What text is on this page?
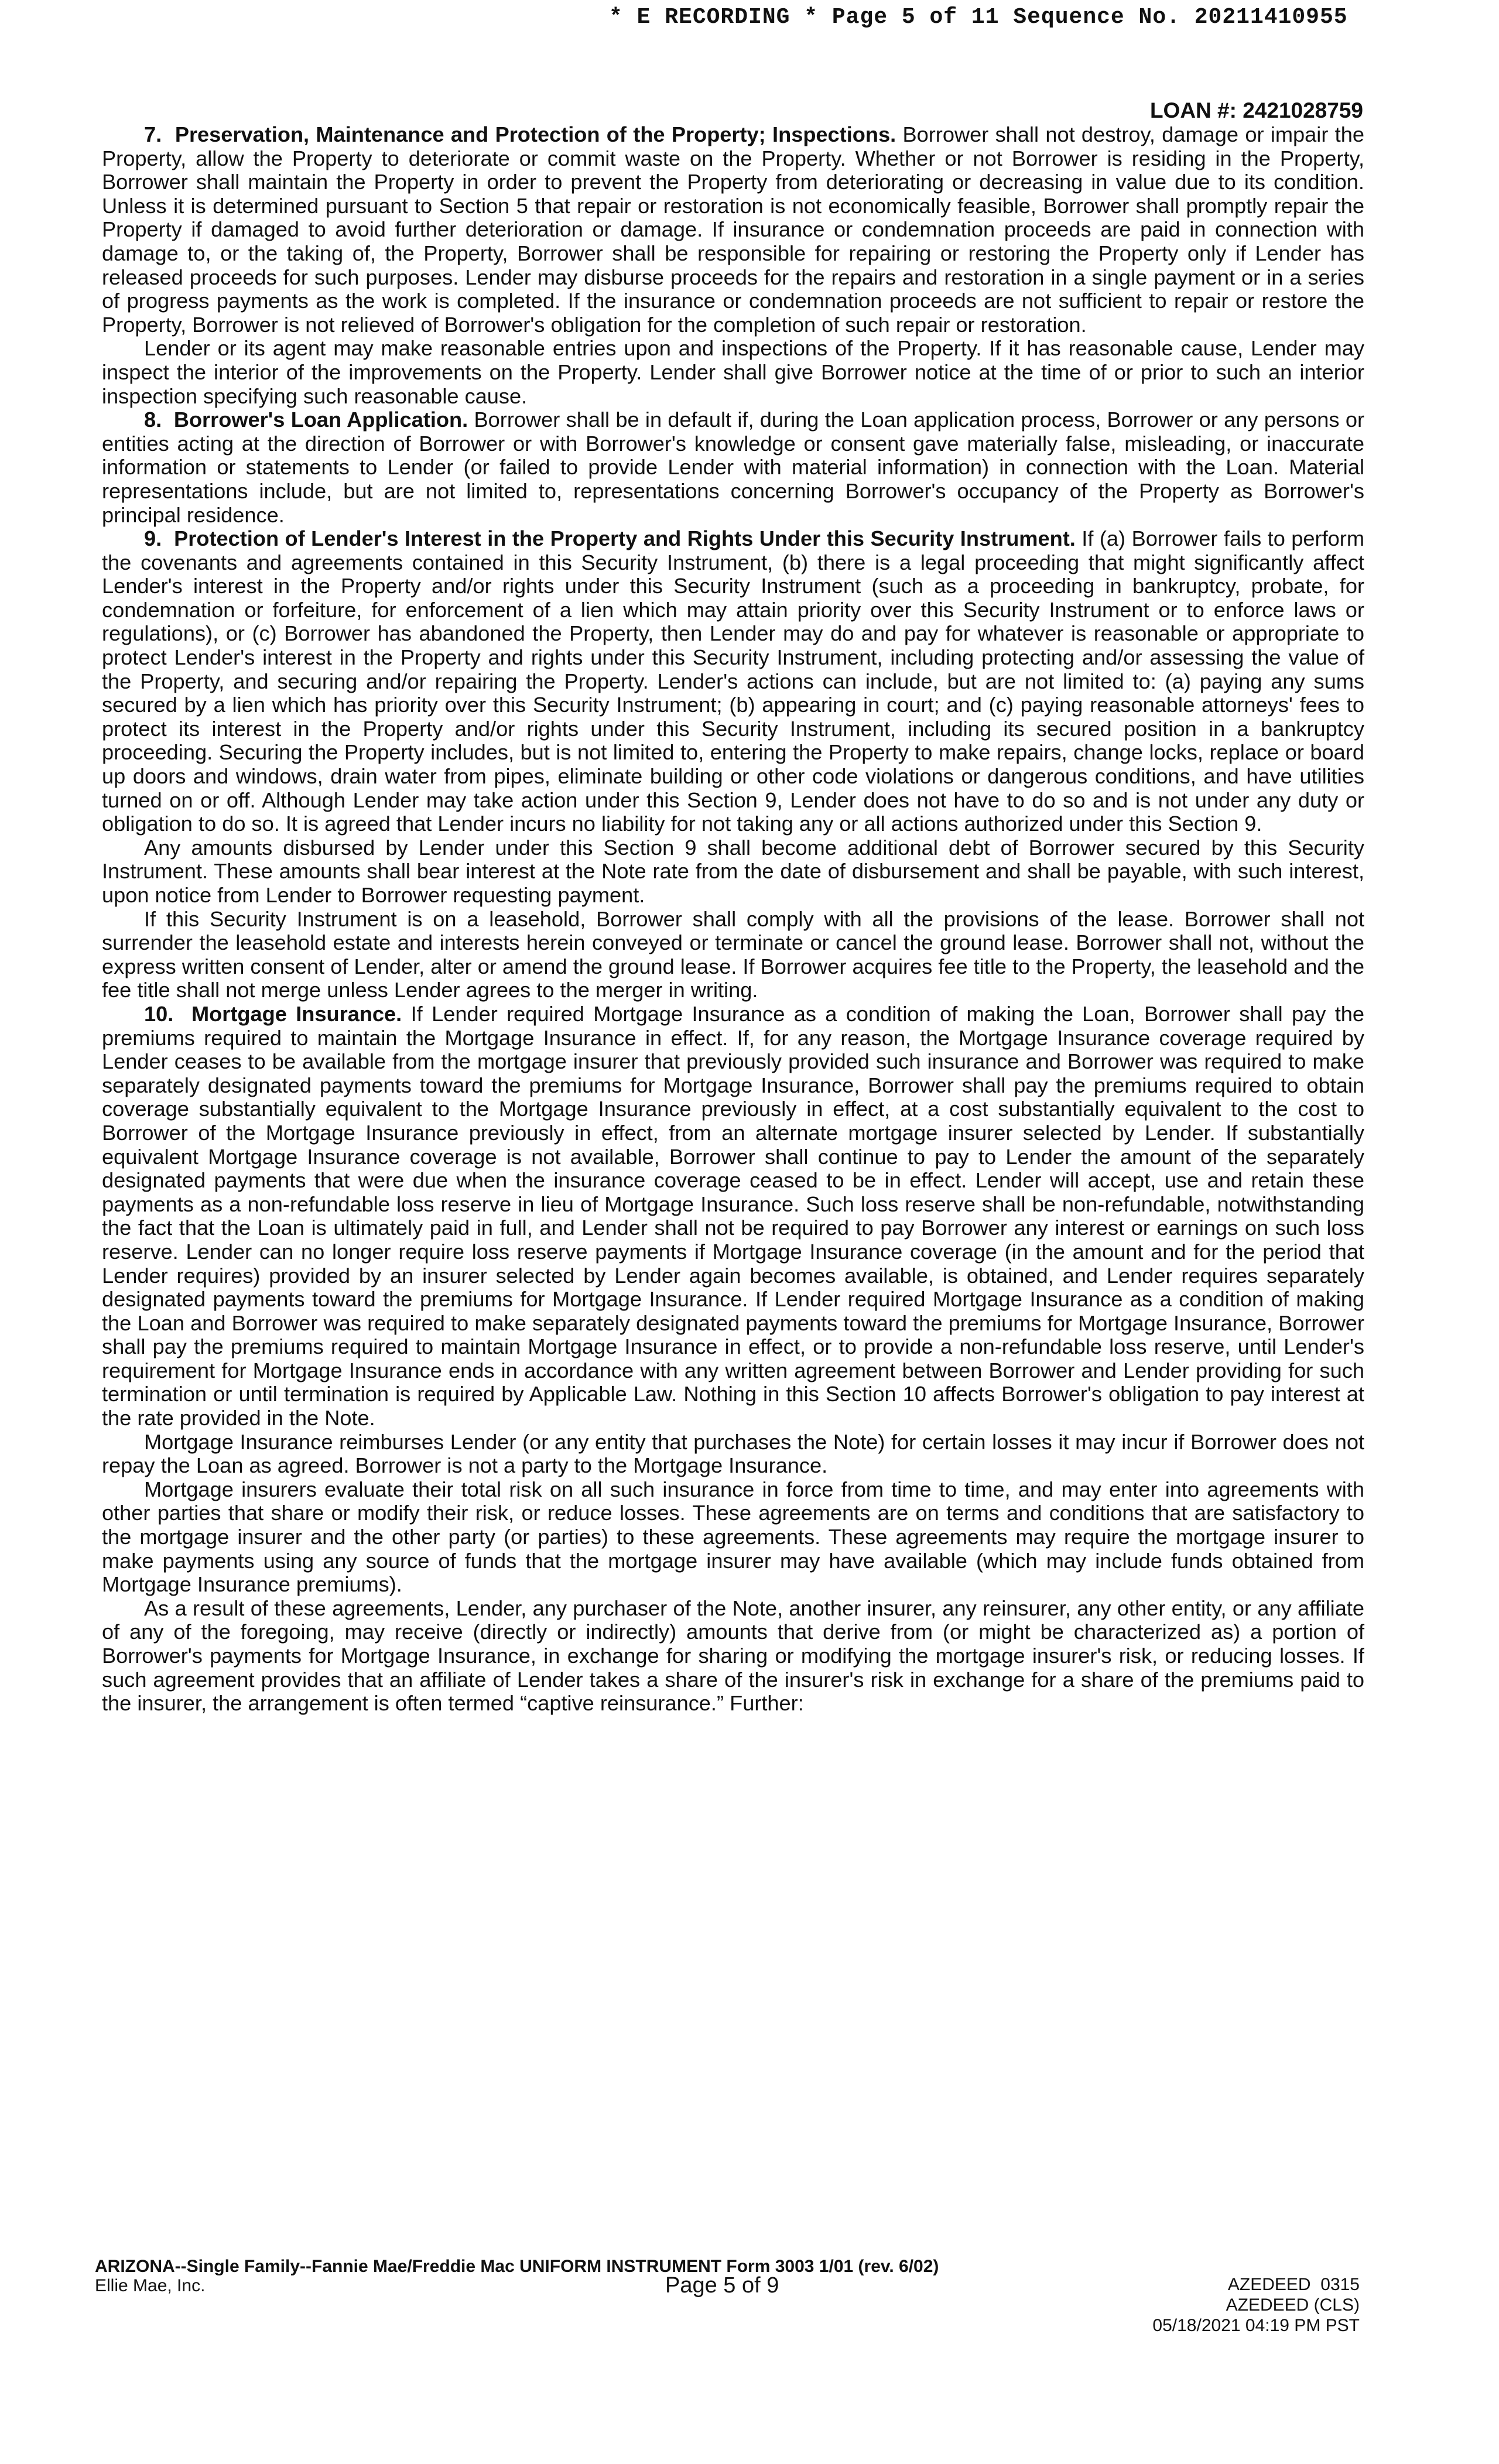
* E RECORDING * Page 5 of 11 Sequence No. 20211410955
LOAN #: 2421028759

7. Preservation, Maintenance and Protection of the Property; Inspections. Borrower shall not destroy, damage or impair the Property, allow the Property to deteriorate or commit waste on the Property. Whether or not Borrower is residing in the Property, Borrower shall maintain the Property in order to prevent the Property from deteriorating or decreasing in value due to its condition. Unless it is determined pursuant to Section 5 that repair or restoration is not economically feasible, Borrower shall promptly repair the Property if damaged to avoid further deterioration or damage. If insurance or condemnation proceeds are paid in connection with damage to, or the taking of, the Property, Borrower shall be responsible for repairing or restoring the Property only if Lender has released proceeds for such purposes. Lender may disburse proceeds for the repairs and restoration in a single payment or in a series of progress payments as the work is completed. If the insurance or condemnation proceeds are not sufficient to repair or restore the Property, Borrower is not relieved of Borrower's obligation for the completion of such repair or restoration.

Lender or its agent may make reasonable entries upon and inspections of the Property. If it has reasonable cause, Lender may inspect the interior of the improvements on the Property. Lender shall give Borrower notice at the time of or prior to such an interior inspection specifying such reasonable cause.

8. Borrower's Loan Application. Borrower shall be in default if, during the Loan application process, Borrower or any persons or entities acting at the direction of Borrower or with Borrower's knowledge or consent gave materially false, misleading, or inaccurate information or statements to Lender (or failed to provide Lender with material information) in connection with the Loan. Material representations include, but are not limited to, representations concerning Borrower's occupancy of the Property as Borrower's principal residence.

9. Protection of Lender's Interest in the Property and Rights Under this Security Instrument. If (a) Borrower fails to perform the covenants and agreements contained in this Security Instrument, (b) there is a legal proceeding that might significantly affect Lender's interest in the Property and/or rights under this Security Instrument (such as a proceeding in bankruptcy, probate, for condemnation or forfeiture, for enforcement of a lien which may attain priority over this Security Instrument or to enforce laws or regulations), or (c) Borrower has abandoned the Property, then Lender may do and pay for whatever is reasonable or appropriate to protect Lender's interest in the Property and rights under this Security Instrument, including protecting and/or assessing the value of the Property, and securing and/or repairing the Property. Lender's actions can include, but are not limited to: (a) paying any sums secured by a lien which has priority over this Security Instrument; (b) appearing in court; and (c) paying reasonable attorneys' fees to protect its interest in the Property and/or rights under this Security Instrument, including its secured position in a bankruptcy proceeding. Securing the Property includes, but is not limited to, entering the Property to make repairs, change locks, replace or board up doors and windows, drain water from pipes, eliminate building or other code violations or dangerous conditions, and have utilities turned on or off. Although Lender may take action under this Section 9, Lender does not have to do so and is not under any duty or obligation to do so. It is agreed that Lender incurs no liability for not taking any or all actions authorized under this Section 9.

Any amounts disbursed by Lender under this Section 9 shall become additional debt of Borrower secured by this Security Instrument. These amounts shall bear interest at the Note rate from the date of disbursement and shall be payable, with such interest, upon notice from Lender to Borrower requesting payment.

If this Security Instrument is on a leasehold, Borrower shall comply with all the provisions of the lease. Borrower shall not surrender the leasehold estate and interests herein conveyed or terminate or cancel the ground lease. Borrower shall not, without the express written consent of Lender, alter or amend the ground lease. If Borrower acquires fee title to the Property, the leasehold and the fee title shall not merge unless Lender agrees to the merger in writing.

10. Mortgage Insurance. If Lender required Mortgage Insurance as a condition of making the Loan, Borrower shall pay the premiums required to maintain the Mortgage Insurance in effect. If, for any reason, the Mortgage Insurance coverage required by Lender ceases to be available from the mortgage insurer that previously provided such insurance and Borrower was required to make separately designated payments toward the premiums for Mortgage Insurance, Borrower shall pay the premiums required to obtain coverage substantially equivalent to the Mortgage Insurance previously in effect, at a cost substantially equivalent to the cost to Borrower of the Mortgage Insurance previously in effect, from an alternate mortgage insurer selected by Lender. If substantially equivalent Mortgage Insurance coverage is not available, Borrower shall continue to pay to Lender the amount of the separately designated payments that were due when the insurance coverage ceased to be in effect. Lender will accept, use and retain these payments as a non-refundable loss reserve in lieu of Mortgage Insurance. Such loss reserve shall be non-refundable, notwithstanding the fact that the Loan is ultimately paid in full, and Lender shall not be required to pay Borrower any interest or earnings on such loss reserve. Lender can no longer require loss reserve payments if Mortgage Insurance coverage (in the amount and for the period that Lender requires) provided by an insurer selected by Lender again becomes available, is obtained, and Lender requires separately designated payments toward the premiums for Mortgage Insurance. If Lender required Mortgage Insurance as a condition of making the Loan and Borrower was required to make separately designated payments toward the premiums for Mortgage Insurance, Borrower shall pay the premiums required to maintain Mortgage Insurance in effect, or to provide a non-refundable loss reserve, until Lender's requirement for Mortgage Insurance ends in accordance with any written agreement between Borrower and Lender providing for such termination or until termination is required by Applicable Law. Nothing in this Section 10 affects Borrower's obligation to pay interest at the rate provided in the Note.

Mortgage Insurance reimburses Lender (or any entity that purchases the Note) for certain losses it may incur if Borrower does not repay the Loan as agreed. Borrower is not a party to the Mortgage Insurance.

Mortgage insurers evaluate their total risk on all such insurance in force from time to time, and may enter into agreements with other parties that share or modify their risk, or reduce losses. These agreements are on terms and conditions that are satisfactory to the mortgage insurer and the other party (or parties) to these agreements. These agreements may require the mortgage insurer to make payments using any source of funds that the mortgage insurer may have available (which may include funds obtained from Mortgage Insurance premiums).

As a result of these agreements, Lender, any purchaser of the Note, another insurer, any reinsurer, any other entity, or any affiliate of any of the foregoing, may receive (directly or indirectly) amounts that derive from (or might be characterized as) a portion of Borrower's payments for Mortgage Insurance, in exchange for sharing or modifying the mortgage insurer's risk, or reducing losses. If such agreement provides that an affiliate of Lender takes a share of the insurer's risk in exchange for a share of the premiums paid to the insurer, the arrangement is often termed “captive reinsurance.” Further:

ARIZONA--Single Family--Fannie Mae/Freddie Mac UNIFORM INSTRUMENT Form 3003 1/01 (rev. 6/02)
Ellie Mae, Inc.	Page 5 of 9	AZEDEED  0315
AZEDEED (CLS)
05/18/2021 04:19 PM PST
